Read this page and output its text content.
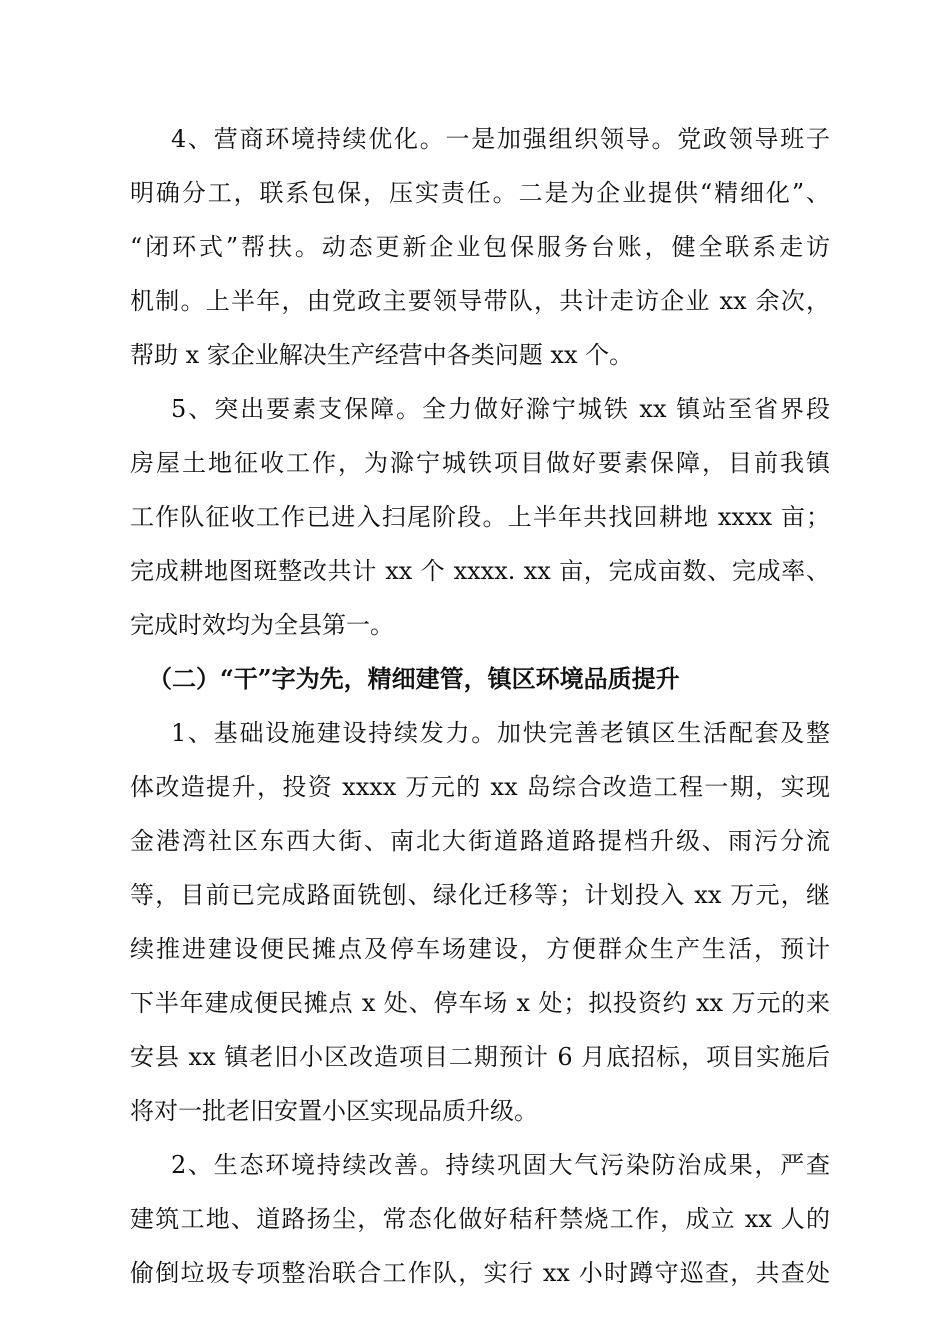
4、营商环境持续优化。一是加强组织领导。党政领导班子
明确分工，联系包保，压实责任。二是为企业提供“精细化”、
“闭环式”帮扶。动态更新企业包保服务台账，健全联系走访
机制。上半年，由党政主要领导带队，共计走访企业 xx 余次，
帮助 x 家企业解决生产经营中各类问题 xx 个。
5、突出要素支保障。全力做好滁宁城铁 xx 镇站至省界段
房屋土地征收工作，为滁宁城铁项目做好要素保障，目前我镇
工作队征收工作已进入扫尾阶段。上半年共找回耕地 xxxx 亩；
完成耕地图斑整改共计 xx 个 xxxx. xx 亩，完成亩数、完成率、
完成时效均为全县第一。
（二）“干”字为先，精细建管，镇区环境品质提升
1、基础设施建设持续发力。加快完善老镇区生活配套及整
体改造提升，投资 xxxx 万元的 xx 岛综合改造工程一期，实现
金港湾社区东西大街、南北大街道路道路提档升级、雨污分流
等，目前已完成路面铣刨、绿化迁移等；计划投入 xx 万元，继
续推进建设便民摊点及停车场建设，方便群众生产生活，预计
下半年建成便民摊点 x 处、停车场 x 处；拟投资约 xx 万元的来
安县 xx 镇老旧小区改造项目二期预计 6 月底招标，项目实施后
将对一批老旧安置小区实现品质升级。
2、生态环境持续改善。持续巩固大气污染防治成果，严查
建筑工地、道路扬尘，常态化做好秸秆禁烧工作，成立 xx 人的
偷倒垃圾专项整治联合工作队，实行 xx 小时蹲守巡查，共查处
